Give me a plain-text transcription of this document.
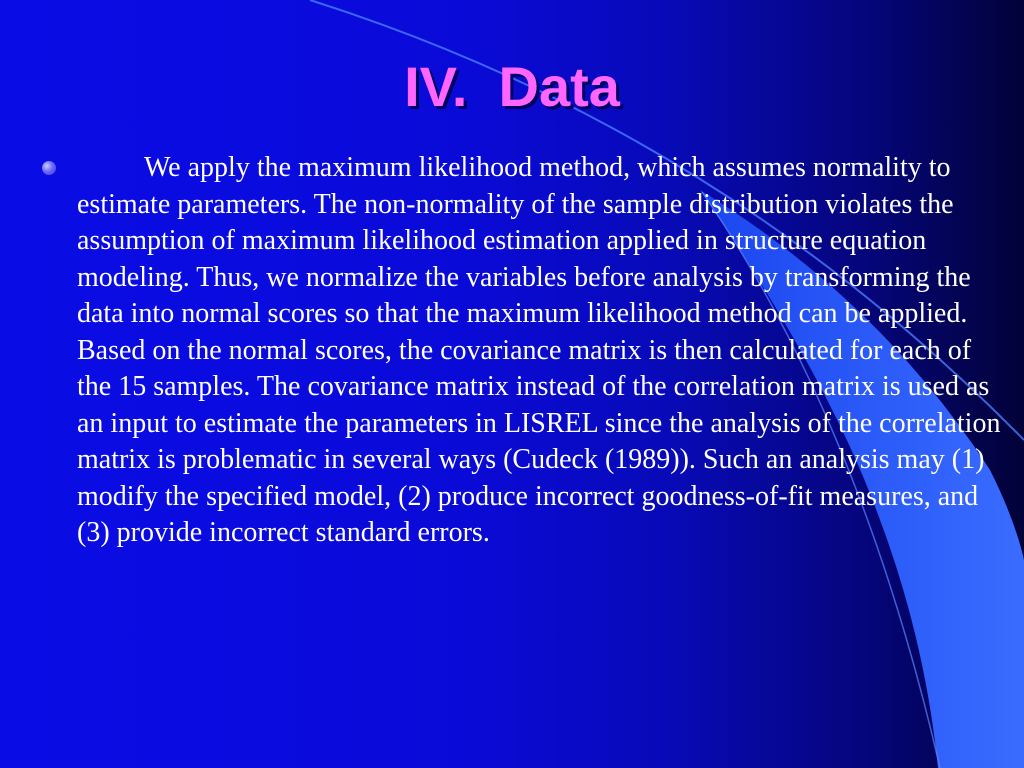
IV.  Data

We apply the maximum likelihood method, which assumes normality to estimate parameters. The non-normality of the sample distribution violates the assumption of maximum likelihood estimation applied in structure equation modeling. Thus, we normalize the variables before analysis by transforming the data into normal scores so that the maximum likelihood method can be applied. Based on the normal scores, the covariance matrix is then calculated for each of the 15 samples. The covariance matrix instead of the correlation matrix is used as an input to estimate the parameters in LISREL since the analysis of the correlation matrix is problematic in several ways (Cudeck (1989)). Such an analysis may (1) modify the specified model, (2) produce incorrect goodness-of-fit measures, and (3) provide incorrect standard errors.
